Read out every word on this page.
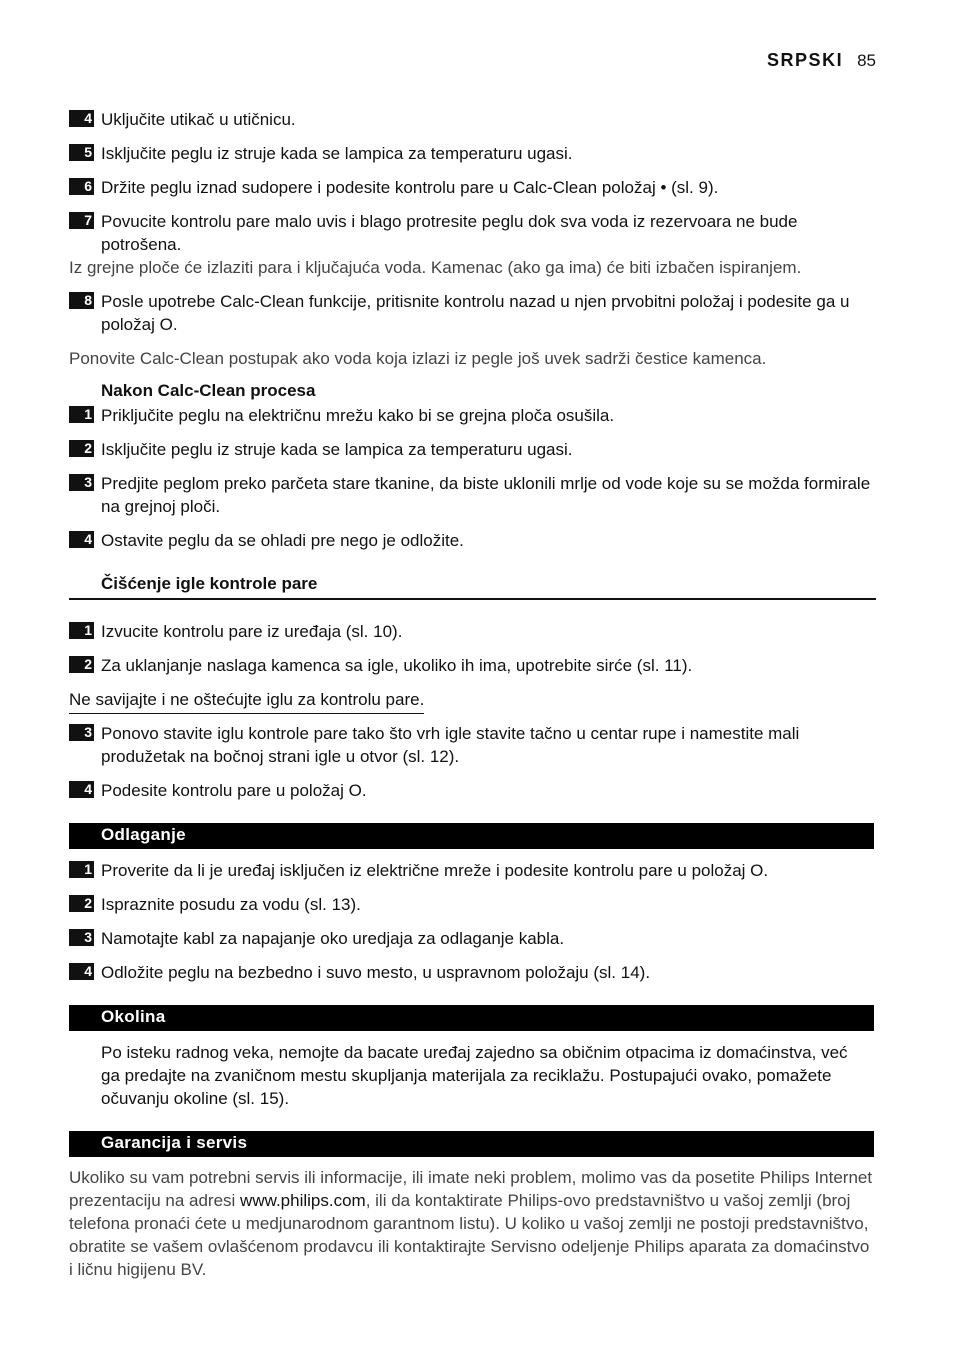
SRPSKI 85
4 Uključite utikač u utičnicu.
5 Isključite peglu iz struje kada se lampica za temperaturu ugasi.
6 Držite peglu iznad sudopere i podesite kontrolu pare u Calc-Clean položaj • (sl. 9).
7 Povucite kontrolu pare malo uvis i blago protresite peglu dok sva voda iz rezervoara ne bude potrošena.
Iz grejne ploče će izlaziti para i ključajuća voda. Kamenac (ako ga ima) će biti izbačen ispiranjem.
8 Posle upotrebe Calc-Clean funkcije, pritisnite kontrolu nazad u njen prvobitni položaj i podesite ga u položaj O.
Ponovite Calc-Clean postupak ako voda koja izlazi iz pegle još uvek sadrži čestice kamenca.
Nakon Calc-Clean procesa
1 Priključite peglu na električnu mrežu kako bi se grejna ploča osušila.
2 Isključite peglu iz struje kada se lampica za temperaturu ugasi.
3 Predjite peglom preko parčeta stare tkanine, da biste uklonili mrlje od vode koje su se možda formirale na grejnoj ploči.
4 Ostavite peglu da se ohladi pre nego je odložite.
Čišćenje igle kontrole pare
1 Izvucite kontrolu pare iz uređaja (sl. 10).
2 Za uklanjanje naslaga kamenca sa igle, ukoliko ih ima, upotrebite sirće (sl. 11).
Ne savijajte i ne oštećujte iglu za kontrolu pare.
3 Ponovo stavite iglu kontrole pare tako što vrh igle stavite tačno u centar rupe i namestite mali produžetak na bočnoj strani igle u otvor (sl. 12).
4 Podesite kontrolu pare u položaj O.
Odlaganje
1 Proverite da li je uređaj isključen iz električne mreže i podesite kontrolu pare u položaj O.
2 Ispraznite posudu za vodu (sl. 13).
3 Namotajte kabl za napajanje oko uredjaja za odlaganje kabla.
4 Odložite peglu na bezbedno i suvo mesto, u uspravnom položaju (sl. 14).
Okolina
Po isteku radnog veka, nemojte da bacate uređaj zajedno sa običnim otpacima iz domaćinstva, već ga predajte na zvaničnom mestu skupljanja materijala za reciklažu. Postupajući ovako, pomažete očuvanju okoline (sl. 15).
Garancija i servis
Ukoliko su vam potrebni servis ili informacije, ili imate neki problem, molimo vas da posetite Philips Internet prezentaciju na adresi www.philips.com, ili da kontaktirate Philips-ovo predstavništvo u vašoj zemlji (broj telefona pronaći ćete u medjunarodnom garantnom listu). U koliko u vašoj zemlji ne postoji predstavništvo, obratite se vašem ovlašćenom prodavcu ili kontaktirajte Servisno odeljenje Philips aparata za domaćinstvo i ličnu higijenu BV.
